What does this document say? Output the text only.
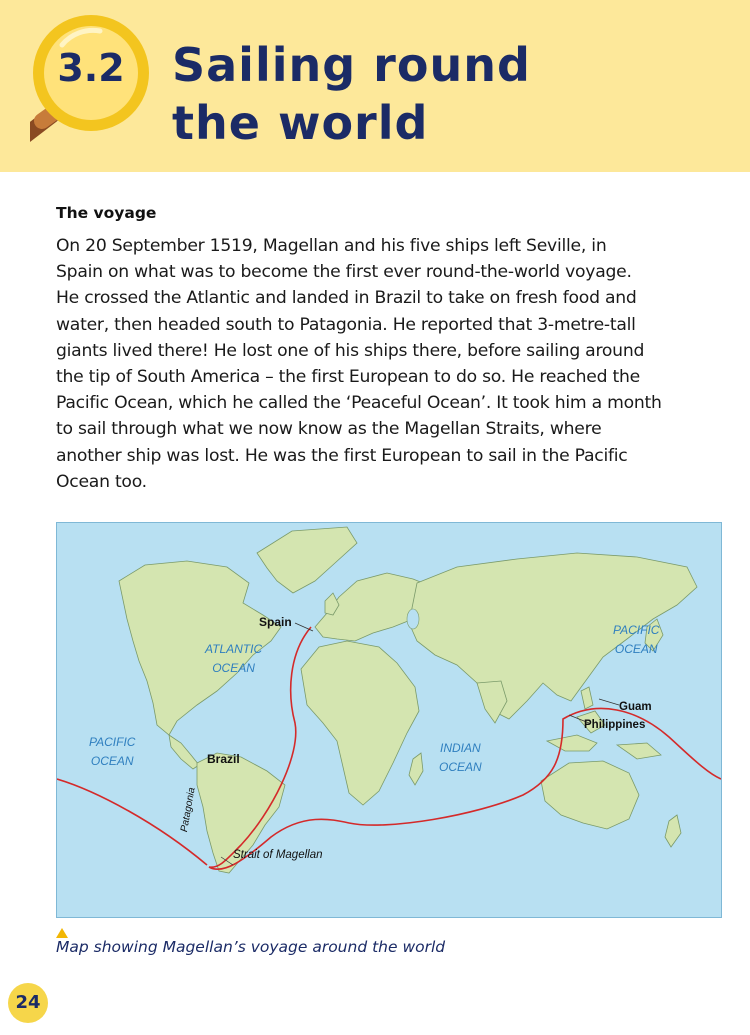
3.2 Sailing round
the world
The voyage

On 20 September 1519, Magellan and his five ships left Seville, in
Spain on what was to become the first ever round-the-world voyage.
He crossed the Atlantic and landed in Brazil to take on fresh food and
water, then headed south to Patagonia. He reported that 3-metre-tall
giants lived there! He lost one of his ships there, before sailing around
the tip of South America – the first European to do so. He reached the
Pacific Ocean, which he called the ‘Peaceful Ocean’. It took him a month
to sail through what we now know as the Magellan Straits, where
another ship was lost. He was the first European to sail in the Pacific
Ocean too.

Spain
Brazil
Patagonia
Strait of Magellan
Guam
Philippines
ATLANTIC
OCEAN
PACIFIC
OCEAN
PACIFIC
OCEAN
INDIAN
OCEAN

Map showing Magellan’s voyage around the world

24
